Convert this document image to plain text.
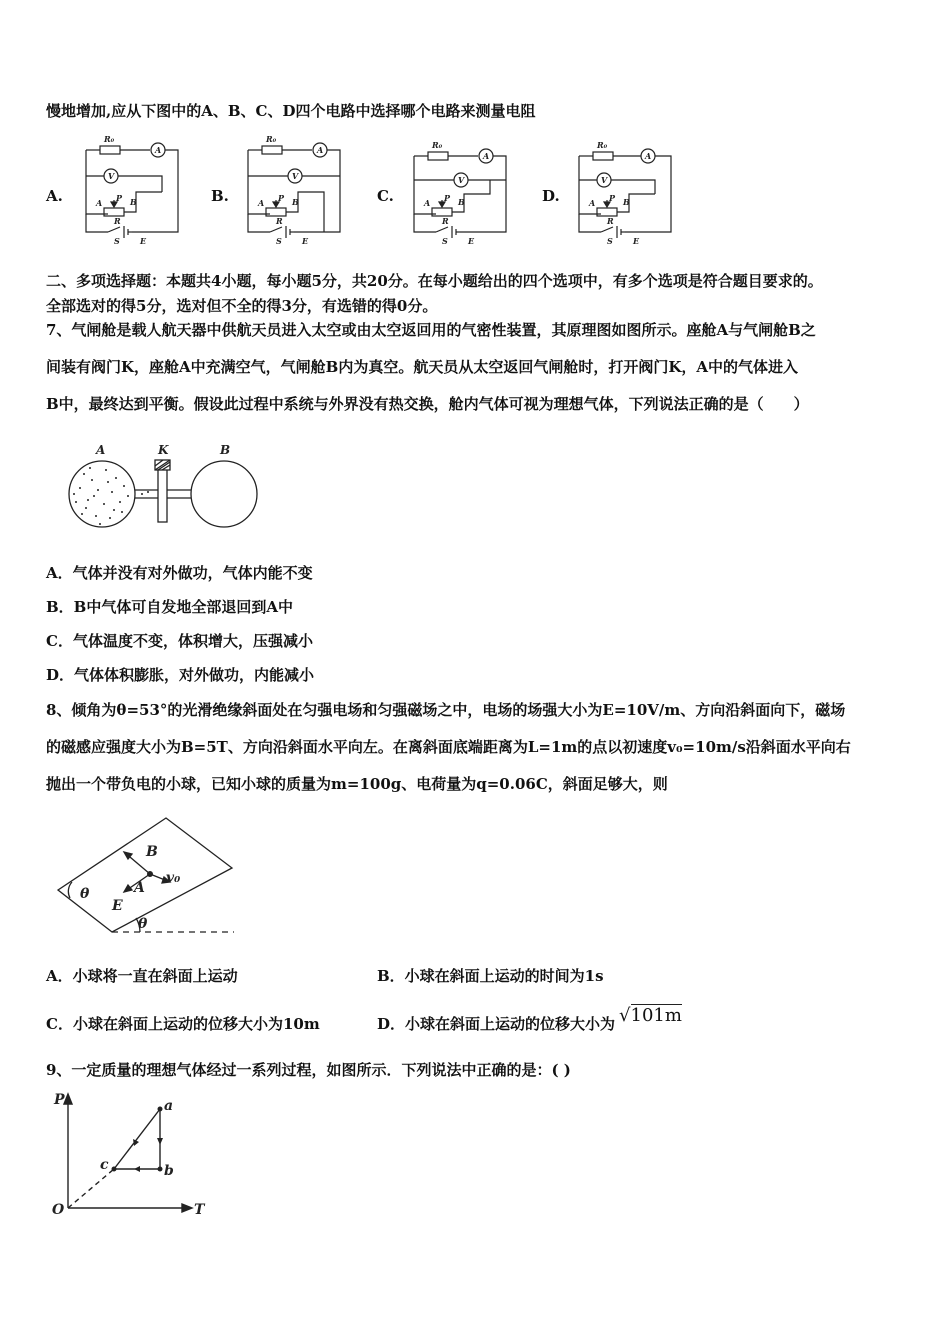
慢地增加,应从下图中的A、B、C、D四个电路中选择哪个电路来测量电阻
A.	B.	C.	D.
R₀
A
V
P B
A
R
S	E
R₀
A
V
P B
A
R
S	E
R₀
A
V
P B
A
R
S	E
R₀
A
V
P B
A
R
S	E
二、多项选择题：本题共4小题，每小题5分，共20分。在每小题给出的四个选项中，有多个选项是符合题目要求的。
全部选对的得5分，选对但不全的得3分，有选错的得0分。
7、气闸舱是载人航天器中供航天员进入太空或由太空返回用的气密性装置，其原理图如图所示。座舱A与气闸舱B之
间装有阀门K，座舱A中充满空气，气闸舱B内为真空。航天员从太空返回气闸舱时，打开阀门K，A中的气体进入
B中，最终达到平衡。假设此过程中系统与外界没有热交换，舱内气体可视为理想气体，下列说法正确的是（　　）
A	K	B
A．气体并没有对外做功，气体内能不变
B．B中气体可自发地全部退回到A中
C．气体温度不变，体积增大，压强减小
D．气体体积膨胀，对外做功，内能减小
8、倾角为θ=53°的光滑绝缘斜面处在匀强电场和匀强磁场之中，电场的场强大小为E=10V/m、方向沿斜面向下，磁场
的磁感应强度大小为B=5T、方向沿斜面水平向左。在离斜面底端距离为L=1m的点以初速度v₀=10m/s沿斜面水平向右
抛出一个带负电的小球，已知小球的质量为m=100g、电荷量为q=0.06C，斜面足够大，则
B
v₀
A
E
θ
θ
A．小球将一直在斜面上运动	B．小球在斜面上运动的时间为1s
C．小球在斜面上运动的位移大小为10m	D．小球在斜面上运动的位移大小为 √101m
9、一定质量的理想气体经过一系列过程，如图所示．下列说法中正确的是：( )
P
T
O
a
b
c
